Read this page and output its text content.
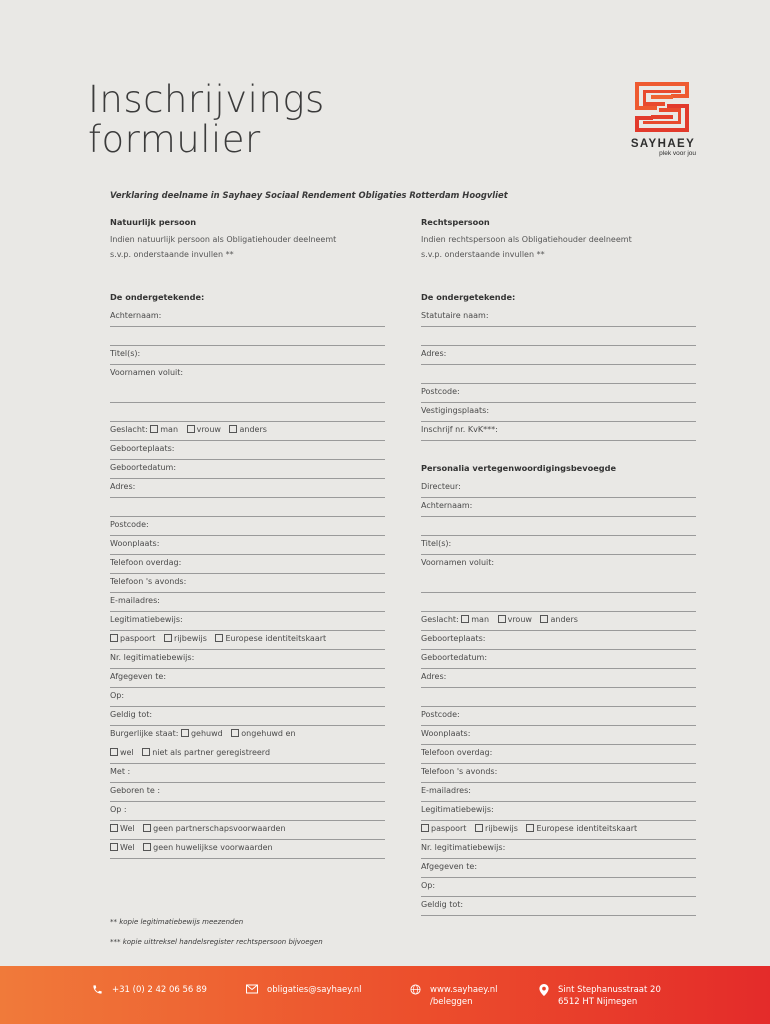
Inschrijvings
formulier	SAYHAEY
plek voor jou
Verklaring deelname in Sayhaey Sociaal Rendement Obligaties Rotterdam Hoogvliet
Natuurlijk persoon
Indien natuurlijk persoon als Obligatiehouder deelneemt
s.v.p. onderstaande invullen **
De ondergetekende:
Achternaam:
Titel(s):
Voornamen voluit:
Geslacht: man vrouw anders
Geboorteplaats:
Geboortedatum:
Adres:
Postcode:
Woonplaats:
Telefoon overdag:
Telefoon 's avonds:
E-mailadres:
Legitimatiebewijs:
paspoort rijbewijs Europese identiteitskaart
Nr. legitimatiebewijs:
Afgegeven te:
Op:
Geldig tot:
Burgerlijke staat: gehuwd ongehuwd en
wel niet als partner geregistreerd
Met :
Geboren te :
Op :
Wel geen partnerschapsvoorwaarden
Wel geen huwelijkse voorwaarden
Rechtspersoon
Indien rechtspersoon als Obligatiehouder deelneemt
s.v.p. onderstaande invullen **
De ondergetekende:
Statutaire naam:
Adres:
Postcode:
Vestigingsplaats:
Inschrijf nr. KvK***:
Personalia vertegenwoordigingsbevoegde
Directeur:
Achternaam:
Titel(s):
Voornamen voluit:
Geslacht: man vrouw anders
Geboorteplaats:
Geboortedatum:
Adres:
Postcode:
Woonplaats:
Telefoon overdag:
Telefoon 's avonds:
E-mailadres:
Legitimatiebewijs:
paspoort rijbewijs Europese identiteitskaart
Nr. legitimatiebewijs:
Afgegeven te:
Op:
Geldig tot:
** kopie legitimatiebewijs meezenden
*** kopie uittreksel handelsregister rechtspersoon bijvoegen
+31 (0) 2 42 06 56 89	obligaties@sayhaey.nl	www.sayhaey.nl
/beleggen
Sint Stephanusstraat 20
6512 HT Nijmegen
